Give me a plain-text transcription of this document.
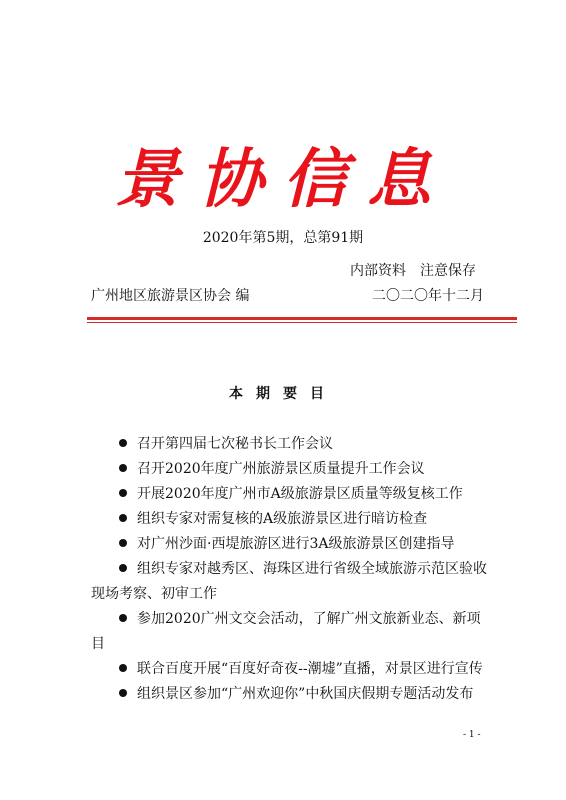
景协信息
2020年第5期，总第91期
内部资料　注意保存
广州地区旅游景区协会 编	二〇二〇年十二月
本期要目
召开第四届七次秘书长工作会议
召开2020年度广州旅游景区质量提升工作会议
开展2020年度广州市A级旅游景区质量等级复核工作
组织专家对需复核的A级旅游景区进行暗访检查
对广州沙面·西堤旅游区进行3A级旅游景区创建指导
组织专家对越秀区、海珠区进行省级全域旅游示范区验收现场考察、初审工作
参加2020广州文交会活动，了解广州文旅新业态、新项目
联合百度开展“百度好奇夜--潮墟”直播，对景区进行宣传
组织景区参加“广州欢迎你”中秋国庆假期专题活动发布
- 1 -
